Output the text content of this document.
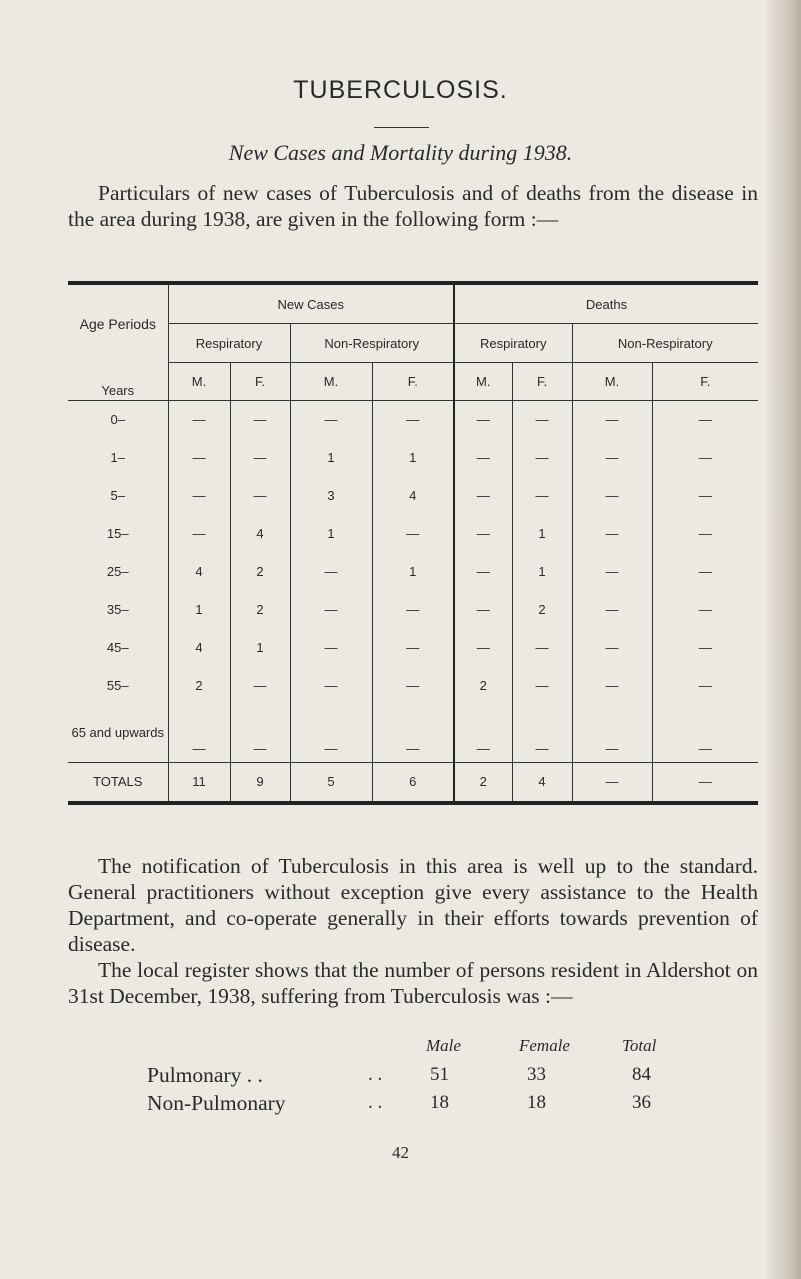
TUBERCULOSIS.
New Cases and Mortality during 1938.
Particulars of new cases of Tuberculosis and of deaths from the disease in the area during 1938, are given in the following form :—
Age Periods	New Cases				Deaths			
	Respiratory		Non-Respiratory		Respiratory		Non-Respiratory	
Years	M.	F.	M.	F.	M.	F.	M.	F.
0–	—	—	—	—	—	—	—	—
1–	—	—	1	1	—	—	—	—
5–	—	—	3	4	—	—	—	—
15–	—	4	1	—	—	1	—	—
25–	4	2	—	1	—	1	—	—
35–	1	2	—	—	—	2	—	—
45–	4	1	—	—	—	—	—	—
55–	2	—	—	—	2	—	—	—
65 and upwards	—	—	—	—	—	—	—	—
TOTALS	11	9	5	6	2	4	—	—
The notification of Tuberculosis in this area is well up to the standard. General practitioners without exception give every assistance to the Health Department, and co-operate generally in their efforts towards prevention of disease.
The local register shows that the number of persons resident in Aldershot on 31st December, 1938, suffering from Tuberculosis was :—
Male	Female	Total
Pulmonary . .	. .	51	33	84
Non-Pulmonary	. .	18	18	36
42
